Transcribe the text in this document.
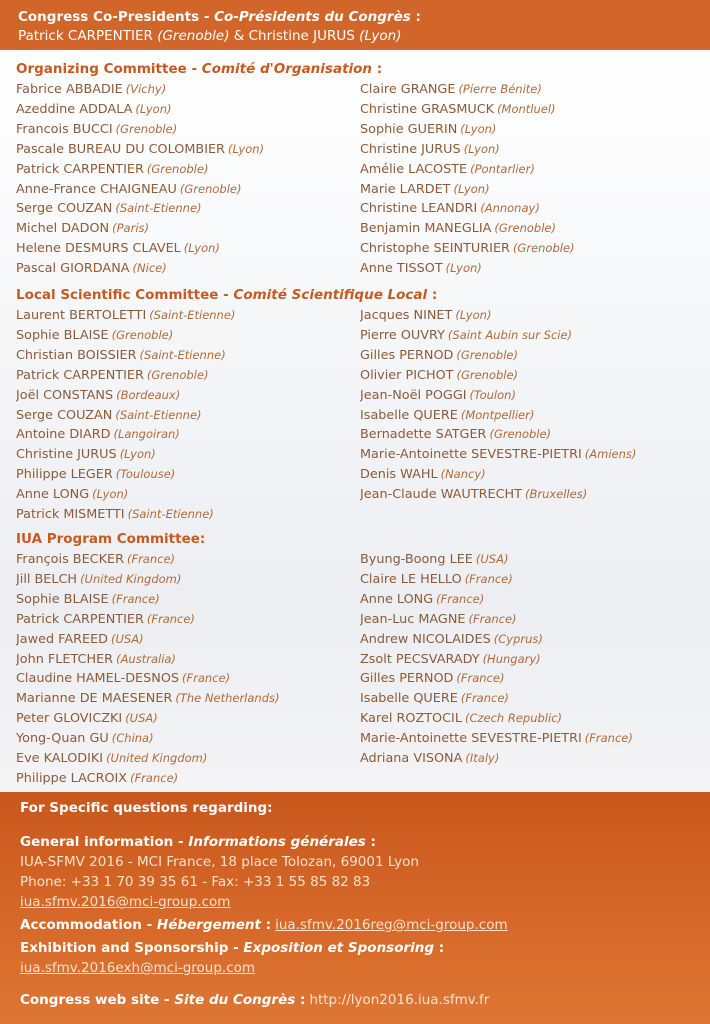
Congress Co-Presidents - Co-Présidents du Congrès :
Patrick CARPENTIER (Grenoble) & Christine JURUS (Lyon)
Organizing Committee - Comité d'Organisation :
Fabrice ABBADIE (Vichy)
Azeddine ADDALA (Lyon)
Francois BUCCI (Grenoble)
Pascale BUREAU DU COLOMBIER (Lyon)
Patrick CARPENTIER (Grenoble)
Anne-France CHAIGNEAU (Grenoble)
Serge COUZAN (Saint-Etienne)
Michel DADON (Paris)
Helene DESMURS CLAVEL (Lyon)
Pascal GIORDANA (Nice)
Claire GRANGE (Pierre Bénite)
Christine GRASMUCK (Montluel)
Sophie GUERIN (Lyon)
Christine JURUS (Lyon)
Amélie LACOSTE (Pontarlier)
Marie LARDET (Lyon)
Christine LEANDRI (Annonay)
Benjamin MANEGLIA (Grenoble)
Christophe SEINTURIER (Grenoble)
Anne TISSOT (Lyon)
Local Scientific Committee - Comité Scientifique Local :
Laurent BERTOLETTI (Saint-Etienne)
Sophie BLAISE (Grenoble)
Christian BOISSIER (Saint-Etienne)
Patrick CARPENTIER (Grenoble)
Joël CONSTANS (Bordeaux)
Serge COUZAN (Saint-Etienne)
Antoine DIARD (Langoiran)
Christine JURUS (Lyon)
Philippe LEGER (Toulouse)
Anne LONG (Lyon)
Patrick MISMETTI (Saint-Etienne)
Jacques NINET (Lyon)
Pierre OUVRY (Saint Aubin sur Scie)
Gilles PERNOD (Grenoble)
Olivier PICHOT (Grenoble)
Jean-Noël POGGI (Toulon)
Isabelle QUERE (Montpellier)
Bernadette SATGER (Grenoble)
Marie-Antoinette SEVESTRE-PIETRI (Amiens)
Denis WAHL (Nancy)
Jean-Claude WAUTRECHT (Bruxelles)
IUA Program Committee:
François BECKER (France)
Jill BELCH (United Kingdom)
Sophie BLAISE (France)
Patrick CARPENTIER (France)
Jawed FAREED (USA)
John FLETCHER (Australia)
Claudine HAMEL-DESNOS (France)
Marianne DE MAESENER (The Netherlands)
Peter GLOVICZKI (USA)
Yong-Quan GU (China)
Eve KALODIKI (United Kingdom)
Philippe LACROIX (France)
Byung-Boong LEE (USA)
Claire LE HELLO (France)
Anne LONG (France)
Jean-Luc MAGNE (France)
Andrew NICOLAIDES (Cyprus)
Zsolt PECSVARADY (Hungary)
Gilles PERNOD (France)
Isabelle QUERE (France)
Karel ROZTOCIL (Czech Republic)
Marie-Antoinette SEVESTRE-PIETRI (France)
Adriana VISONA (Italy)
For Specific questions regarding:
General information - Informations générales :
IUA-SFMV 2016 - MCI France, 18 place Tolozan, 69001 Lyon
Phone: +33 1 70 39 35 61 - Fax: +33 1 55 85 82 83
iua.sfmv.2016@mci-group.com
Accommodation - Hébergement : iua.sfmv.2016reg@mci-group.com
Exhibition and Sponsorship - Exposition et Sponsoring :
iua.sfmv.2016exh@mci-group.com
Congress web site - Site du Congrès : http://lyon2016.iua.sfmv.fr
